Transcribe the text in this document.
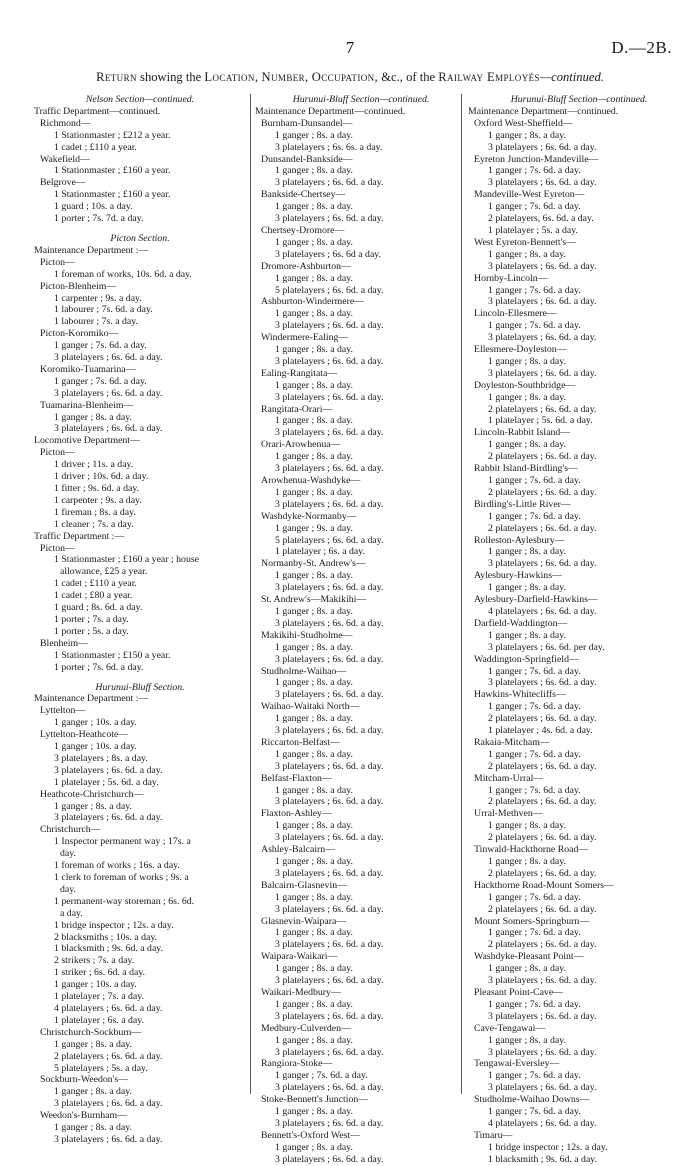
7	D.—2B.
Return showing the Location, Number, Occupation, &c., of the Railway Employés—continued.
Nelson Section—continued.
Traffic Department—continued.
Richmond—
1 Stationmaster ; £212 a year.
1 cadet ; £110 a year.
Wakefield—
1 Stationmaster ; £160 a year.
Belgrove—
1 Stationmaster ; £160 a year.
1 guard ; 10s. a day.
1 porter ; 7s. 7d. a day.
Picton Section.
Maintenance Department :—
Picton—
1 foreman of works, 10s. 6d. a day.
Picton-Blenheim—
1 carpenter ; 9s. a day.
1 labourer ; 7s. 6d. a day.
1 labourer ; 7s. a day.
Picton-Koromiko—
1 ganger ; 7s. 6d. a day.
3 platelayers ; 6s. 6d. a day.
Koromiko-Tuamarina—
1 ganger ; 7s. 6d. a day.
3 platelayers ; 6s. 6d. a day.
Tuamarina-Blenheim—
1 ganger ; 8s. a day.
3 platelayers ; 6s. 6d. a day.
Locomotive Department—
Picton—
1 driver ; 11s. a day.
1 driver ; 10s. 6d. a day.
1 fitter ; 9s. 6d. a day.
1 carpenter ; 9s. a day.
1 fireman ; 8s. a day.
1 cleaner ; 7s. a day.
Traffic Department :—
Picton—
1 Stationmaster ; £160 a year ; house
allowance, £25 a year.
1 cadet ; £110 a year.
1 cadet ; £80 a year.
1 guard ; 8s. 6d. a day.
1 porter ; 7s. a day.
1 porter ; 5s. a day.
Blenheim—
1 Stationmaster ; £150 a year.
1 porter ; 7s. 6d. a day.
Hurunui-Bluff Section.
Maintenance Department :—
Lyttelton—
1 ganger ; 10s. a day.
Lyttelton-Heathcote—
1 ganger ; 10s. a day.
3 platelayers ; 8s. a day.
3 platelayers ; 6s. 6d. a day.
1 platelayer ; 5s. 6d. a day.
Heathcote-Christchurch—
1 ganger ; 8s. a day.
3 platelayers ; 6s. 6d. a day.
Christchurch—
1 Inspector permanent way ; 17s. a
day.
1 foreman of works ; 16s. a day.
1 clerk to foreman of works ; 9s. a
day.
1 permanent-way storeman ; 6s. 6d.
a day.
1 bridge inspector ; 12s. a day.
2 blacksmiths ; 10s. a day.
1 blacksmith ; 9s. 6d. a day.
2 strikers ; 7s. a day.
1 striker ; 6s. 6d. a day.
1 ganger ; 10s. a day.
1 platelayer ; 7s. a day.
4 platelayers ; 6s. 6d. a day.
1 platelayer ; 6s. a day.
Christchurch-Sockburn—
1 ganger ; 8s. a day.
2 platelayers ; 6s. 6d. a day.
5 platelayers ; 5s. a day.
Sockburn-Weedon's—
1 ganger ; 8s. a day.
3 platelayers ; 6s. 6d. a day.
Weedon's-Burnham—
1 ganger ; 8s. a day.
3 platelayers ; 6s. 6d. a day.
Hurunui-Bluff Section—continued.
Maintenance Department—continued.
Burnham-Dunsandel—
1 ganger ; 8s. a day.
3 platelayers ; 6s. 6s. a day.
Dunsandel-Bankside—
1 ganger ; 8s. a day.
3 platelayers ; 6s. 6d. a day.
Bankside-Chertsey—
1 ganger ; 8s. a day.
3 platelayers ; 6s. 6d. a day.
Chertsey-Dromore—
1 ganger ; 8s. a day.
3 platelayers ; 6s. 6d a day.
Dromore-Ashburton—
1 ganger ; 8s. a day.
5 platelayers ; 6s. 6d. a day.
Ashburton-Windermere—
1 ganger ; 8s. a day.
3 platelayers ; 6s. 6d. a day.
Windermere-Ealing—
1 ganger ; 8s. a day.
3 platelayers ; 6s. 6d. a day.
Ealing-Rangitata—
1 ganger ; 8s. a day.
3 platelayers ; 6s. 6d. a day.
Rangitata-Orari—
1 ganger ; 8s. a day.
3 platelayers ; 6s. 6d. a day.
Orari-Arowhenua—
1 ganger ; 8s. a day.
3 platelayers ; 6s. 6d. a day.
Arowhenua-Washdyke—
1 ganger ; 8s. a day.
3 platelayers ; 6s. 6d. a day.
Washdyke-Normanby—
1 ganger ; 9s. a day.
5 platelayers ; 6s. 6d. a day.
1 platelayer ; 6s. a day.
Normanby-St. Andrew's—
1 ganger ; 8s. a day.
3 platelayers ; 6s. 6d. a day.
St. Andrew's—Makikihi—
1 ganger ; 8s. a day.
3 platelayers ; 6s. 6d. a day.
Makikihi-Studholme—
1 ganger ; 8s. a day.
3 platelayers ; 6s. 6d. a day.
Studholme-Waihao—
1 ganger ; 8s. a day.
3 platelayers ; 6s. 6d. a day.
Waihao-Waitaki North—
1 ganger ; 8s. a day.
3 platelayers ; 6s. 6d. a day.
Riccarton-Belfast—
1 ganger ; 8s. a day.
3 platelayers ; 6s. 6d. a day.
Belfast-Flaxton—
1 ganger ; 8s. a day.
3 platelayers ; 6s. 6d. a day.
Flaxton-Ashley—
1 ganger ; 8s. a day.
3 platelayers ; 6s. 6d. a day.
Ashley-Balcairn—
1 ganger ; 8s. a day.
3 platelayers ; 6s. 6d. a day.
Balcairn-Glasnevin—
1 ganger ; 8s. a day.
3 platelayers ; 6s. 6d. a day.
Glasnevin-Waipara—
1 ganger ; 8s. a day.
3 platelayers ; 6s. 6d. a day.
Waipara-Waikari—
1 ganger ; 8s. a day.
3 platelayers ; 6s. 6d. a day.
Waikari-Medbury—
1 ganger ; 8s. a day.
3 platelayers ; 6s. 6d. a day.
Medbury-Culverden—
1 ganger ; 8s. a day.
3 platelayers ; 6s. 6d. a day.
Rangiora-Stoke—
1 ganger ; 7s. 6d. a day.
3 platelayers ; 6s. 6d. a day.
Stoke-Bennett's Junction—
1 ganger ; 8s. a day.
3 platelayers ; 6s. 6d. a day.
Bennett's-Oxford West—
1 ganger ; 8s. a day.
3 platelayers ; 6s. 6d. a day.
Hurunui-Bluff Section—continued.
Maintenance Department—continued.
Oxford West-Sheffield—
1 ganger ; 8s. a day.
3 platelayers ; 6s. 6d. a day.
Eyreton Junction-Mandeville—
1 ganger ; 7s. 6d. a day.
3 platelayers ; 6s. 6d. a day.
Mandeville-West Eyreton—
1 ganger ; 7s. 6d. a day.
2 platelayers, 6s. 6d. a day.
1 platelayer ; 5s. a day.
West Eyreton-Bennett's—
1 ganger ; 8s. a day.
3 platelayers ; 6s. 6d. a day.
Hornby-Lincoln—
1 ganger ; 7s. 6d. a day.
3 platelayers ; 6s. 6d. a day.
Lincoln-Ellesmere—
1 ganger ; 7s. 6d. a day.
3 platelayers ; 6s. 6d. a day.
Ellesmere-Doyleston—
1 ganger ; 8s. a day.
3 platelayers ; 6s. 6d. a day.
Doyleston-Southbridge—
1 ganger ; 8s. a day.
2 platelayers ; 6s. 6d. a day.
1 platelayer ; 5s. 6d. a day.
Lincoln-Rabbit Island—
1 ganger ; 8s. a day.
2 platelayers ; 6s. 6d. a day.
Rabbit Island-Birdling's—
1 ganger ; 7s. 6d. a day.
2 platelayers ; 6s. 6d. a day.
Birdling's-Little River—
1 ganger ; 7s. 6d. a day.
2 platelayers ; 6s. 6d. a day.
Rolleston-Aylesbury—
1 ganger ; 8s. a day.
3 platelayers ; 6s. 6d. a day.
Aylesbury-Hawkins—
1 ganger ; 8s. a day.
Aylesbury-Darfield-Hawkins—
4 platelayers ; 6s. 6d. a day.
Darfield-Waddington—
1 ganger ; 8s. a day.
3 platelayers ; 6s. 6d. per day.
Waddington-Springfield—
1 ganger ; 7s. 6d. a day.
3 platelayers ; 6s. 6d. a day.
Hawkins-Whitecliffs—
1 ganger ; 7s. 6d. a day.
2 platelayers ; 6s. 6d. a day.
1 platelayer ; 4s. 6d. a day.
Rakaia-Mitcham—
1 ganger ; 7s. 6d. a day.
2 platelayers ; 6s. 6d. a day.
Mitcham-Urral—
1 ganger ; 7s. 6d. a day.
2 platelayers ; 6s. 6d. a day.
Urral-Methven—
1 ganger ; 8s. a day.
2 platelayers ; 6s. 6d. a day.
Tinwald-Hackthorne Road—
1 ganger ; 8s. a day.
2 platelayers ; 6s. 6d. a day.
Hackthorne Road-Mount Somers—
1 ganger ; 7s. 6d. a day.
2 platelayers ; 6s. 6d. a day.
Mount Somers-Springburn—
1 ganger ; 7s. 6d. a day.
2 platelayers ; 6s. 6d. a day.
Washdyke-Pleasant Point—
1 ganger ; 8s. a day.
3 platelayers ; 6s. 6d. a day.
Pleasant Point-Cave—
1 ganger ; 7s. 6d. a day.
3 platelayers ; 6s. 6d. a day.
Cave-Tengawai—
1 ganger ; 8s. a day.
3 platelayers ; 6s. 6d. a day.
Tengawai-Eversley—
1 ganger ; 7s. 6d. a day.
3 platelayers ; 6s. 6d. a day.
Studholme-Waihao Downs—
1 ganger ; 7s. 6d. a day.
4 platelayers ; 6s. 6d. a day.
Timaru—
1 bridge inspector ; 12s. a day.
1 blacksmith ; 9s. 6d. a day.
